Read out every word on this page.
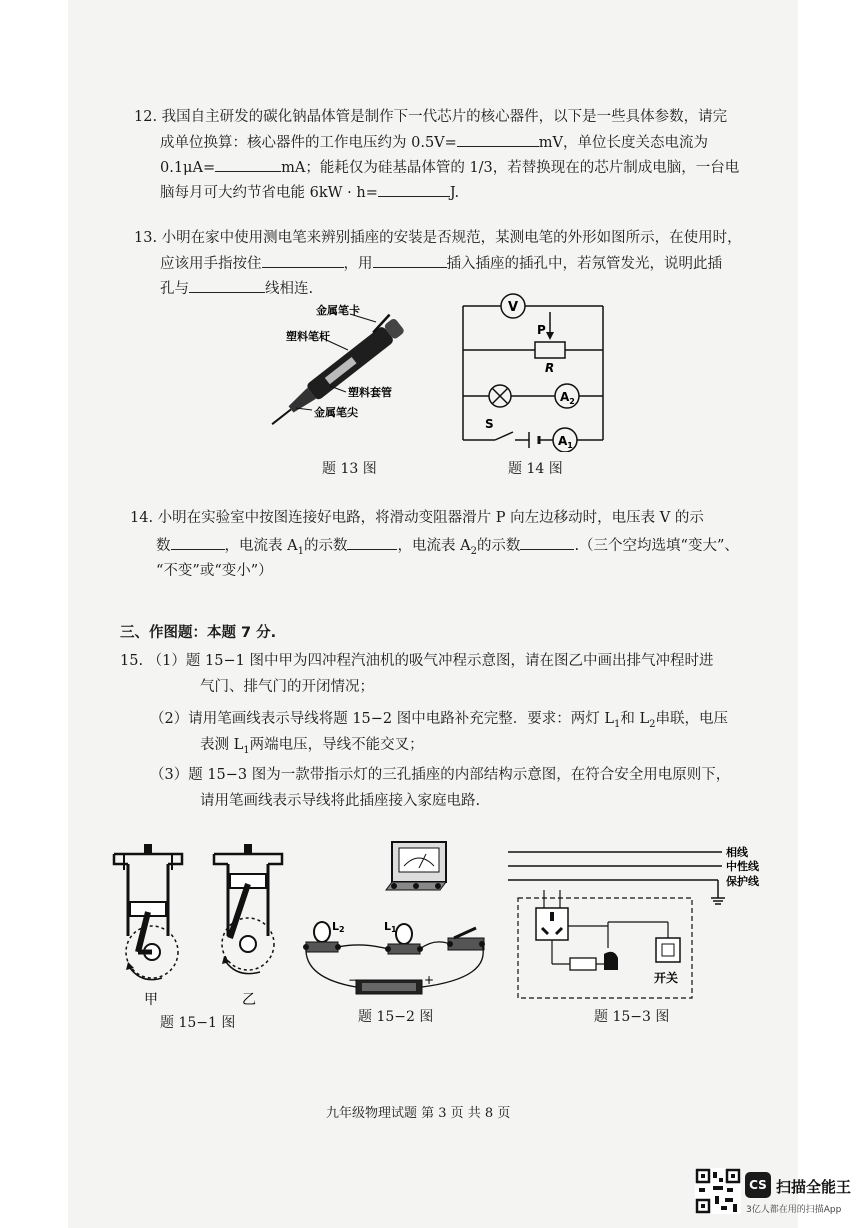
12. 我国自主研发的碳化钠晶体管是制作下一代芯片的核心器件，以下是一些具体参数，请完
成单位换算：核心器件的工作电压约为 0.5V=	mV，单位长度关态电流为
0.1μA=	mA；能耗仅为硅基晶体管的 1/3，若替换现在的芯片制成电脑，一台电
脑每月可大约节省电能 6kW · h=	J.
13. 小明在家中使用测电笔来辨别插座的安装是否规范，某测电笔的外形如图所示，在使用时，
应该用手指按住	，用	插入插座的插孔中，若氖管发光，说明此插
孔与	线相连.
金属笔卡
塑料笔杆
塑料套管
金属笔尖
题 13 图
V
P
R
$A_2$
S
$A_1$
题 14 图
14. 小明在实验室中按图连接好电路，将滑动变阻器滑片 P 向左边移动时，电压表 V 的示
数	，电流表 $A_1$的示数	，电流表 $A_2$的示数	.（三个空均选填“变大”、
“不变”或“变小”）
三、作图题：本题 7 分.
15. （1）题 15−1 图中甲为四冲程汽油机的吸气冲程示意图，请在图乙中画出排气冲程时进
气门、排气门的开闭情况；
（2）请用笔画线表示导线将题 15−2 图中电路补充完整．要求：两灯 $L_1$和 $L_2$串联，电压
表测 $L_1$两端电压，导线不能交叉；
（3）题 15−3 图为一款带指示灯的三孔插座的内部结构示意图，在符合安全用电原则下，
请用笔画线表示导线将此插座接入家庭电路.
甲	乙
题 15−1 图
L2	L1
−	+
题 15−2 图
相线
中性线
保护线
开关
题 15−3 图
九年级物理试题 第 3 页 共 8 页
CS 扫描全能王
3亿人都在用的扫描App
